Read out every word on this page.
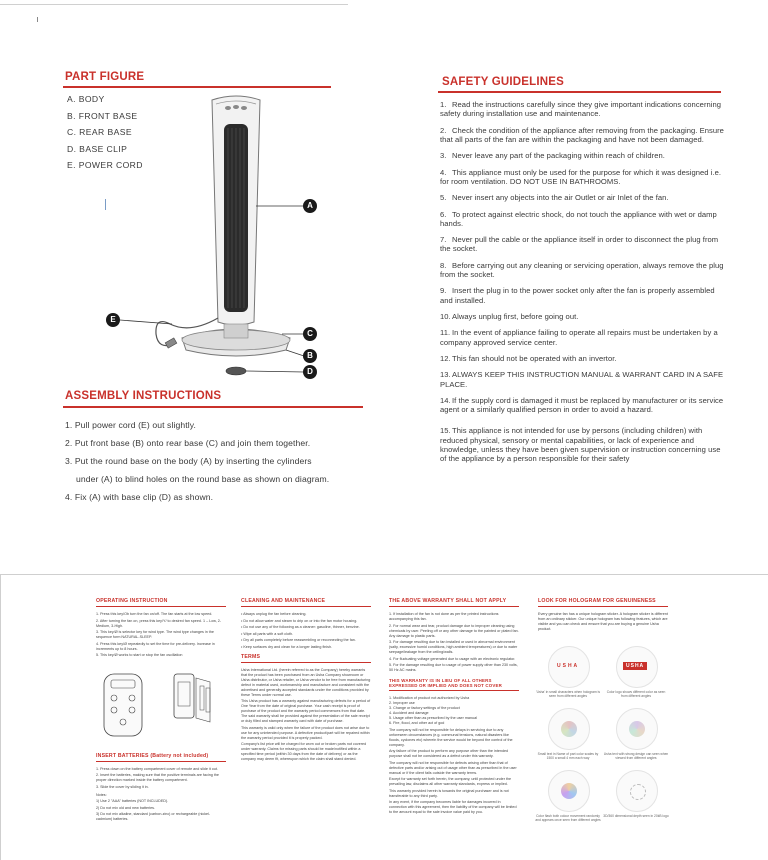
PART FIGURE
A. BODY
B. FRONT BASE
C. REAR BASE
D. BASE CLIP
E. POWER CORD
A
E
C
B
D
ASSEMBLY INSTRUCTIONS
1. Pull power cord (E) out slightly.
2. Put front base (B) onto rear base (C) and join them together.
3. Put the round base on the body (A) by inserting the cylinders
under (A) to blind holes on the round base as shown on diagram.
4. Fix (A) with base clip (D) as shown.
SAFETY GUIDELINES
1. Read the instructions carefully since they give important indications concerning safety during installation use and maintenance.
2. Check the condition of the appliance after removing from the packaging. Ensure that all parts of the fan are within the packaging and have not been damaged.
3. Never leave any part of the packaging within reach of children.
4. This appliance must only be used for the purpose for which it was designed i.e. for room ventilation. DO NOT USE IN BATHROOMS.
5. Never insert any objects into the air Outlet or air Inlet of the fan.
6. To protect against electric shock, do not touch the appliance with wet or damp hands.
7. Never pull the cable or the appliance itself in order to disconnect the plug from the socket.
8. Before carrying out any cleaning or servicing operation, always remove the plug from the socket.
9. Insert the plug in to the power socket only after the fan is properly assembled and installed.
10.Always unplug first, before going out.
11. In the event of appliance failing to operate all repairs must be undertaken by a company approved service center.
12.This fan should not be operated with an invertor.
13.ALWAYS KEEP THIS INSTRUCTION MANUAL & WARRANT CARD IN A SAFE PLACE.
14.If the supply cord is damaged it must be replaced by manufacturer or its service agent or a similarly qualified person in order to avoid a hazard.
15.This appliance is not intended for use by persons (including children) with reduced physical, sensory or mental capabilities, or lack of experience and knowledge, unless they have been given supervision or instruction concerning use of the appliance by a person responsible for their safety
OPERATING INSTRUCTION
1. Press this key/Ob turn the fan on/off. The fan starts at the low speed.
2. After turning the fan on, press this key/Y/ to desired fan speed. 1 – Low, 2-Medium, 3-High.
3. This key/Ø is selector key for wind type. The wind type changes in the sequence form NATURAL-SLEEP.
4. Press this key/Ø repeatedly to set the time for pre-delivery. Increase in increments up to 8 hours.
5. This key/Ø works to start or stop the fan oscillation
INSERT BATTERIES (Battery not included)
1. Press down on the battery compartment cover of remote and slide it out.
2. Insert the batteries, making sure that the positive terminals are facing the proper direction marked inside the battery compartment.
3. Slide the cover by sliding it in.
Notes:
1) Use 2 "AAA" batteries (NOT INCLUDED).
2) Do not mix old and new batteries.
3) Do not mix alkaline, standard (carbon-zinc) or rechargeable (nickel-cadmium) batteries.
CLEANING AND MAINTENANCE
• Always unplug the fan before cleaning.
• Do not allow water and steam to drip on or into the fan motor housing.
• Do not use any of the following as a cleaner: gasoline, thinner, benzine.
• Wipe all parts with a soft cloth.
• Dry all parts completely before reassembling or reconnecting the fan.
• Keep surfaces dry and clean for a longer lasting finish.
TERMS
Usha International Ltd. (herein referred to as the Company) hereby warrants that the product has been purchased from an Usha Company showroom or Usha distributor, or Usha retailer, or Usha vendor to be free from manufacturing defect in material used, workmanship and manufacture and consistent with the advertised and generally accepted standards under the conditions provided by these Terms under normal use.
This Usha product has a warranty against manufacturing defects for a period of One Year from the date of original purchase. Your cash receipt is proof of purchase of the product and the warranty period commences from that date. The said warranty shall be provided against the presentation of the sale receipt or duly filled and stamped warranty card with date of purchase.
This warranty is valid only when the failure of the product does not arise due to use for any unintended purpose. A defective product/part will be repaired within the warranty period provided it is properly packed.
Company's list price will be charged for worn out or broken parts not covered under warranty. Claims for missing parts should be made/notified within a specified time period (within 30 days from the date of delivery) or as the company may deem fit, whereupon which the claim shall stand denied.
THE ABOVE WARRANTY SHALL NOT APPLY
1. If installation of the fan is not done as per the printed instructions accompanying this fan.
2. For normal wear and tear, product damage due to improper cleaning using chemicals by user. Peeling off or any other damage to the painted or plated fan. Any damage to plastic parts.
3. For damage resulting due to fan installed or used in abnormal environment (salty, excessive humid conditions, high ambient temperatures) or due to water seepage/leakage from the ceiling/walls.
4. For fluctuating voltage generated due to usage with an electronic regulator.
5. For the damage resulting due to usage of power supply other than 230 volts, 50 Hz AC mains.
THIS WARRANTY IS IN LIEU OF ALL OTHERS EXPRESSED OR IMPLIED AND DOES NOT COVER
1. Modification of product not authorized by Usha
2. Improper use
3. Change or factory settings of the product
4. Accident and damage
5. Usage other than as prescribed by the user manual
6. Fire, flood, and other act of god
The company will not be responsible for delays in servicing due to any unforeseen circumstances (e.g. communal tensions, natural disasters like floods, cyclones etc) wherein the service would be beyond the control of the company.
Any failure of the product to perform any purpose other than the intended purpose shall not be considered as a defect under this warranty.
The company will not be responsible for defects arising other than that of defective parts and/or arising out of usage other than as prescribed in the user manual or if the client fails outside the warranty terms.
Except for warranty set forth herein, the company, until protected under the prevailing law, disclaims all other warranty standards, express or implied.
This warranty provided herein is towards the original purchaser and is not transferable to any third party.
In any event, if the company becomes liable for damages incurred in connection with this agreement, then the liability of the company will be limited to the amount equal to the sale invoice value paid by you.
LOOK FOR HOLOGRAM FOR GENUINENESS
Every genuine fan has a unique hologram sticker. A hologram sticker is different from an ordinary sticker. Our unique hologram has following features, which are visible and you can check and ensure that you are buying a genuine Usha product.
USHA
'Usha' in small characters when hologram is seen from different angles
USHA
Color logo shows different color as seen from different angles
Small text in Name of part color scales by 1500 a small 4 mm each way
Usha text with strong design can seen when viewed from different angles
Color flash both colour movement randomly and appears once seen from different angles
3D/360 dimensional depth seen in 20kB logo
